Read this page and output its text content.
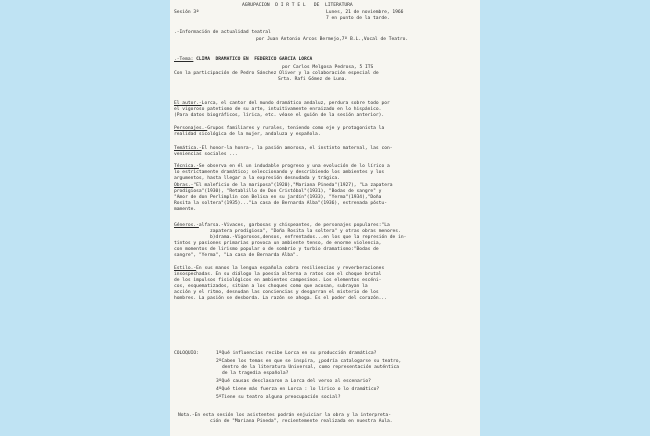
AGRUPACION  D I R T E L   DE  LITERATURA
Sesión 3ª	Lunes, 21 de noviembre, 1966
7 en punto de la tarde.
.-Información de actualidad teatral
por Juan Antonio Arcos Bermejo,7º B.L.,Vocal de Teatro.
.-Tema: CLIMA  DRAMATICO EN  FEDERICO GARCIA LORCA
por Carlos Melgosa Pedrosa, 5 ITS
Con la participación de Pedro Sánchez Oliver y la colaboración especial de
Srta. Rafi Gómez de Luna.
El autor.-Lorca, el cantor del mundo dramático andaluz, perdura sobre todo por
el vigoroso patetismo de su arte, intuitivamente enraizado en lo hispánico.
(Para datos biográficos, lírica, etc. véase el guión de la sesión anterior).
Personajes.-Grupos familiares y rurales, teniendo como eje y protagonista la
realidad sicológica de la mujer, andaluza y española.
Temática.-El honor-la honra-, la pasión amorosa, el instinto maternal, las con-
veniencias sociales ...
Técnica.-Se observa en él un indudable progreso y una evolución de lo lírico a
lo estrictamente dramático; seleccionando y describiendo los ambientes y los
argumentos, hasta llegar a la expresión desnudada y trágica.
Obras.-"El maleficio de la mariposa"(1920),"Mariana Pineda"(1927), "La zapatera
prodigiosa"(1930), "Retablillo de Don Cristóbal"(1931), "Bodas de sangre" y
"Amor de don Perlimplín con Belisa en su jardín"(1933), "Yerma"(1934),"Doña
Rosita la soltera"(1935)..."La casa de Bernarda Alba"(1936), estrenada póstu-
mamente.
Géneros.-alfarsa.-Vivaces, garbosas y chispeantes, de personajes populares:"La
zapatera prodigiosa", "Doña Rosita la soltera" y otras obras menores.
b)drama.-Vigorosos,densos, enfrentados...en los que la represión de in-
tintos y pasiones primarias provoca un ambiente tenso, de enorme violencia,
con momentos de lirismo popular o de sombrío y turbio dramatismo:"Bodas de
sangre", "Yerma", "La casa de Bernarda Alba".
Estilo.-En sus manos la lengua española cobra resiliencias y reverberaciones
insospechadas. En su diálogo la poesía alterna a ratos con el choque brutal
de los impulsos fisiológicos en ambientes campesinos. Los elementos escéni-
cos, esquematizados, sitúan a los choques como que acosan, subrayan la
acción y el ritmo, desnudan las conciencias y desgarran el misterio de los
hombres. La pasión se desborda. La razón se ahoga. Es el poder del corazón...
COLOQUIO:	1ºQué influencias recibe Lorca en su producción dramática?
2ºCaben los temas en que se inspira, ¿podría catalogarse su teatro,
dentro de la literatura Universal, como representación auténtica
de la tragedia española?
3ºQué causas desclasaron a Lorca del verso al escenario?
4ºQué tiene más fuerza en Lorca : lo lírico o lo dramático?
5ºTiene su teatro alguna preocupación social?
Nota.-En esta sesión los asistentes podrán enjuiciar la obra y la interpreta-
ción de "Mariana Pineda", recientemente realizada en nuestra Aula.
